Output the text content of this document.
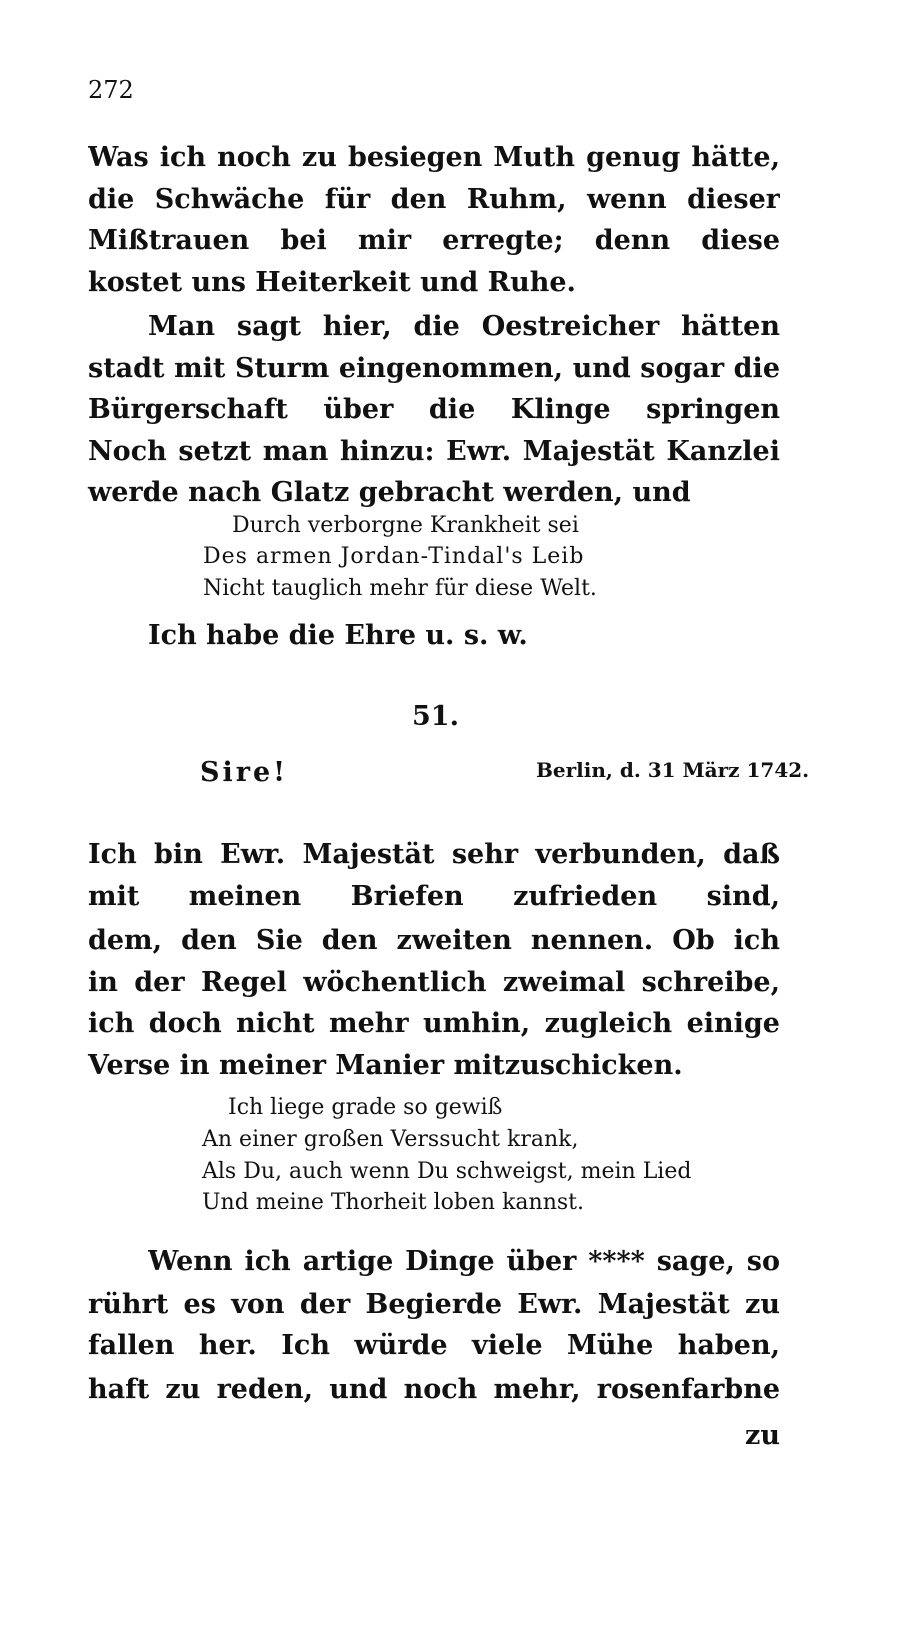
272
Was ich noch zu besiegen Muth genug hätte,
die Schwäche für den Ruhm, wenn dieser
Mißtrauen bei mir erregte; denn diese
kostet uns Heiterkeit und Ruhe.
Man sagt hier, die Oestreicher hätten
stadt mit Sturm eingenommen, und sogar die
Bürgerschaft über die Klinge springen
Noch setzt man hinzu: Ewr. Majestät Kanzlei
werde nach Glatz gebracht werden, und
Durch verborgne Krankheit sei
Des armen Jordan-Tindal's Leib
Nicht tauglich mehr für diese Welt.
Ich habe die Ehre u. s. w.
51.
Berlin, d. 31 März 1742.
Sire!
Ich bin Ewr. Majestät sehr verbunden, daß
mit meinen Briefen zufrieden sind,
dem, den Sie den zweiten nennen. Ob ich
in der Regel wöchentlich zweimal schreibe,
ich doch nicht mehr umhin, zugleich einige
Verse in meiner Manier mitzuschicken.
Ich liege grade so gewiß
An einer großen Verssucht krank,
Als Du, auch wenn Du schweigst, mein Lied
Und meine Thorheit loben kannst.
Wenn ich artige Dinge über **** sage, so
rührt es von der Begierde Ewr. Majestät zu
fallen her. Ich würde viele Mühe haben,
haft zu reden, und noch mehr, rosenfarbne
zu
